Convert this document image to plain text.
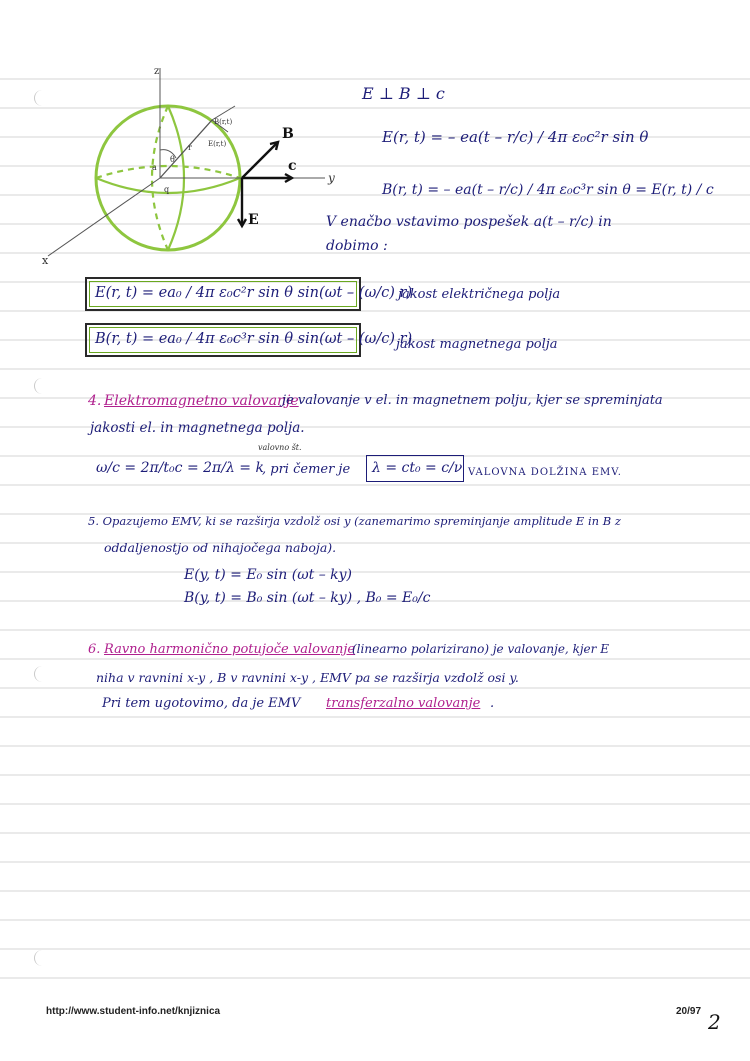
z
y
x
B
c
E
B(r,t)
E(r,t)
r
θ
a
q
E ⊥ B ⊥ c
E(r, t) = – ea(t – r/c) / 4π ε₀c²r sin θ
B(r, t) = – ea(t – r/c) / 4π ε₀c³r sin θ = E(r, t) / c
V enačbo vstavimo pospešek a(t – r/c) in
dobimo :
E(r, t) = ea₀ / 4π ε₀c²r sin θ sin(ωt – (ω/c) r)
jakost električnega polja
B(r, t) = ea₀ / 4π ε₀c³r sin θ sin(ωt – (ω/c) r)
jakost magnetnega polja
4. Elektromagnetno valovanje
je valovanje v el. in magnetnem polju, kjer se spreminjata
jakosti el. in magnetnega polja.
valovno št.
ω/c = 2π/t₀c = 2π/λ = k
, pri čemer je λ = ct₀ = c/ν VALOVNA DOLŽINA EMV.
5. Opazujemo EMV, ki se razširja vzdolž osi y (zanemarimo spreminjanje amplitude E in B z
oddaljenostjo od nihajočega naboja).
E(y, t) = E₀ sin (ωt – ky)
B(y, t) = B₀ sin (ωt – ky) , B₀ = E₀/c
6. Ravno harmonično potujoče valovanje
(linearno polarizirano) je valovanje, kjer E
niha v ravnini x-y , B v ravnini x-y , EMV pa se razširja vzdolž osi y.
Pri tem ugotovimo, da je EMV transferzalno valovanje .
http://www.student-info.net/knjiznica	20/97 2
